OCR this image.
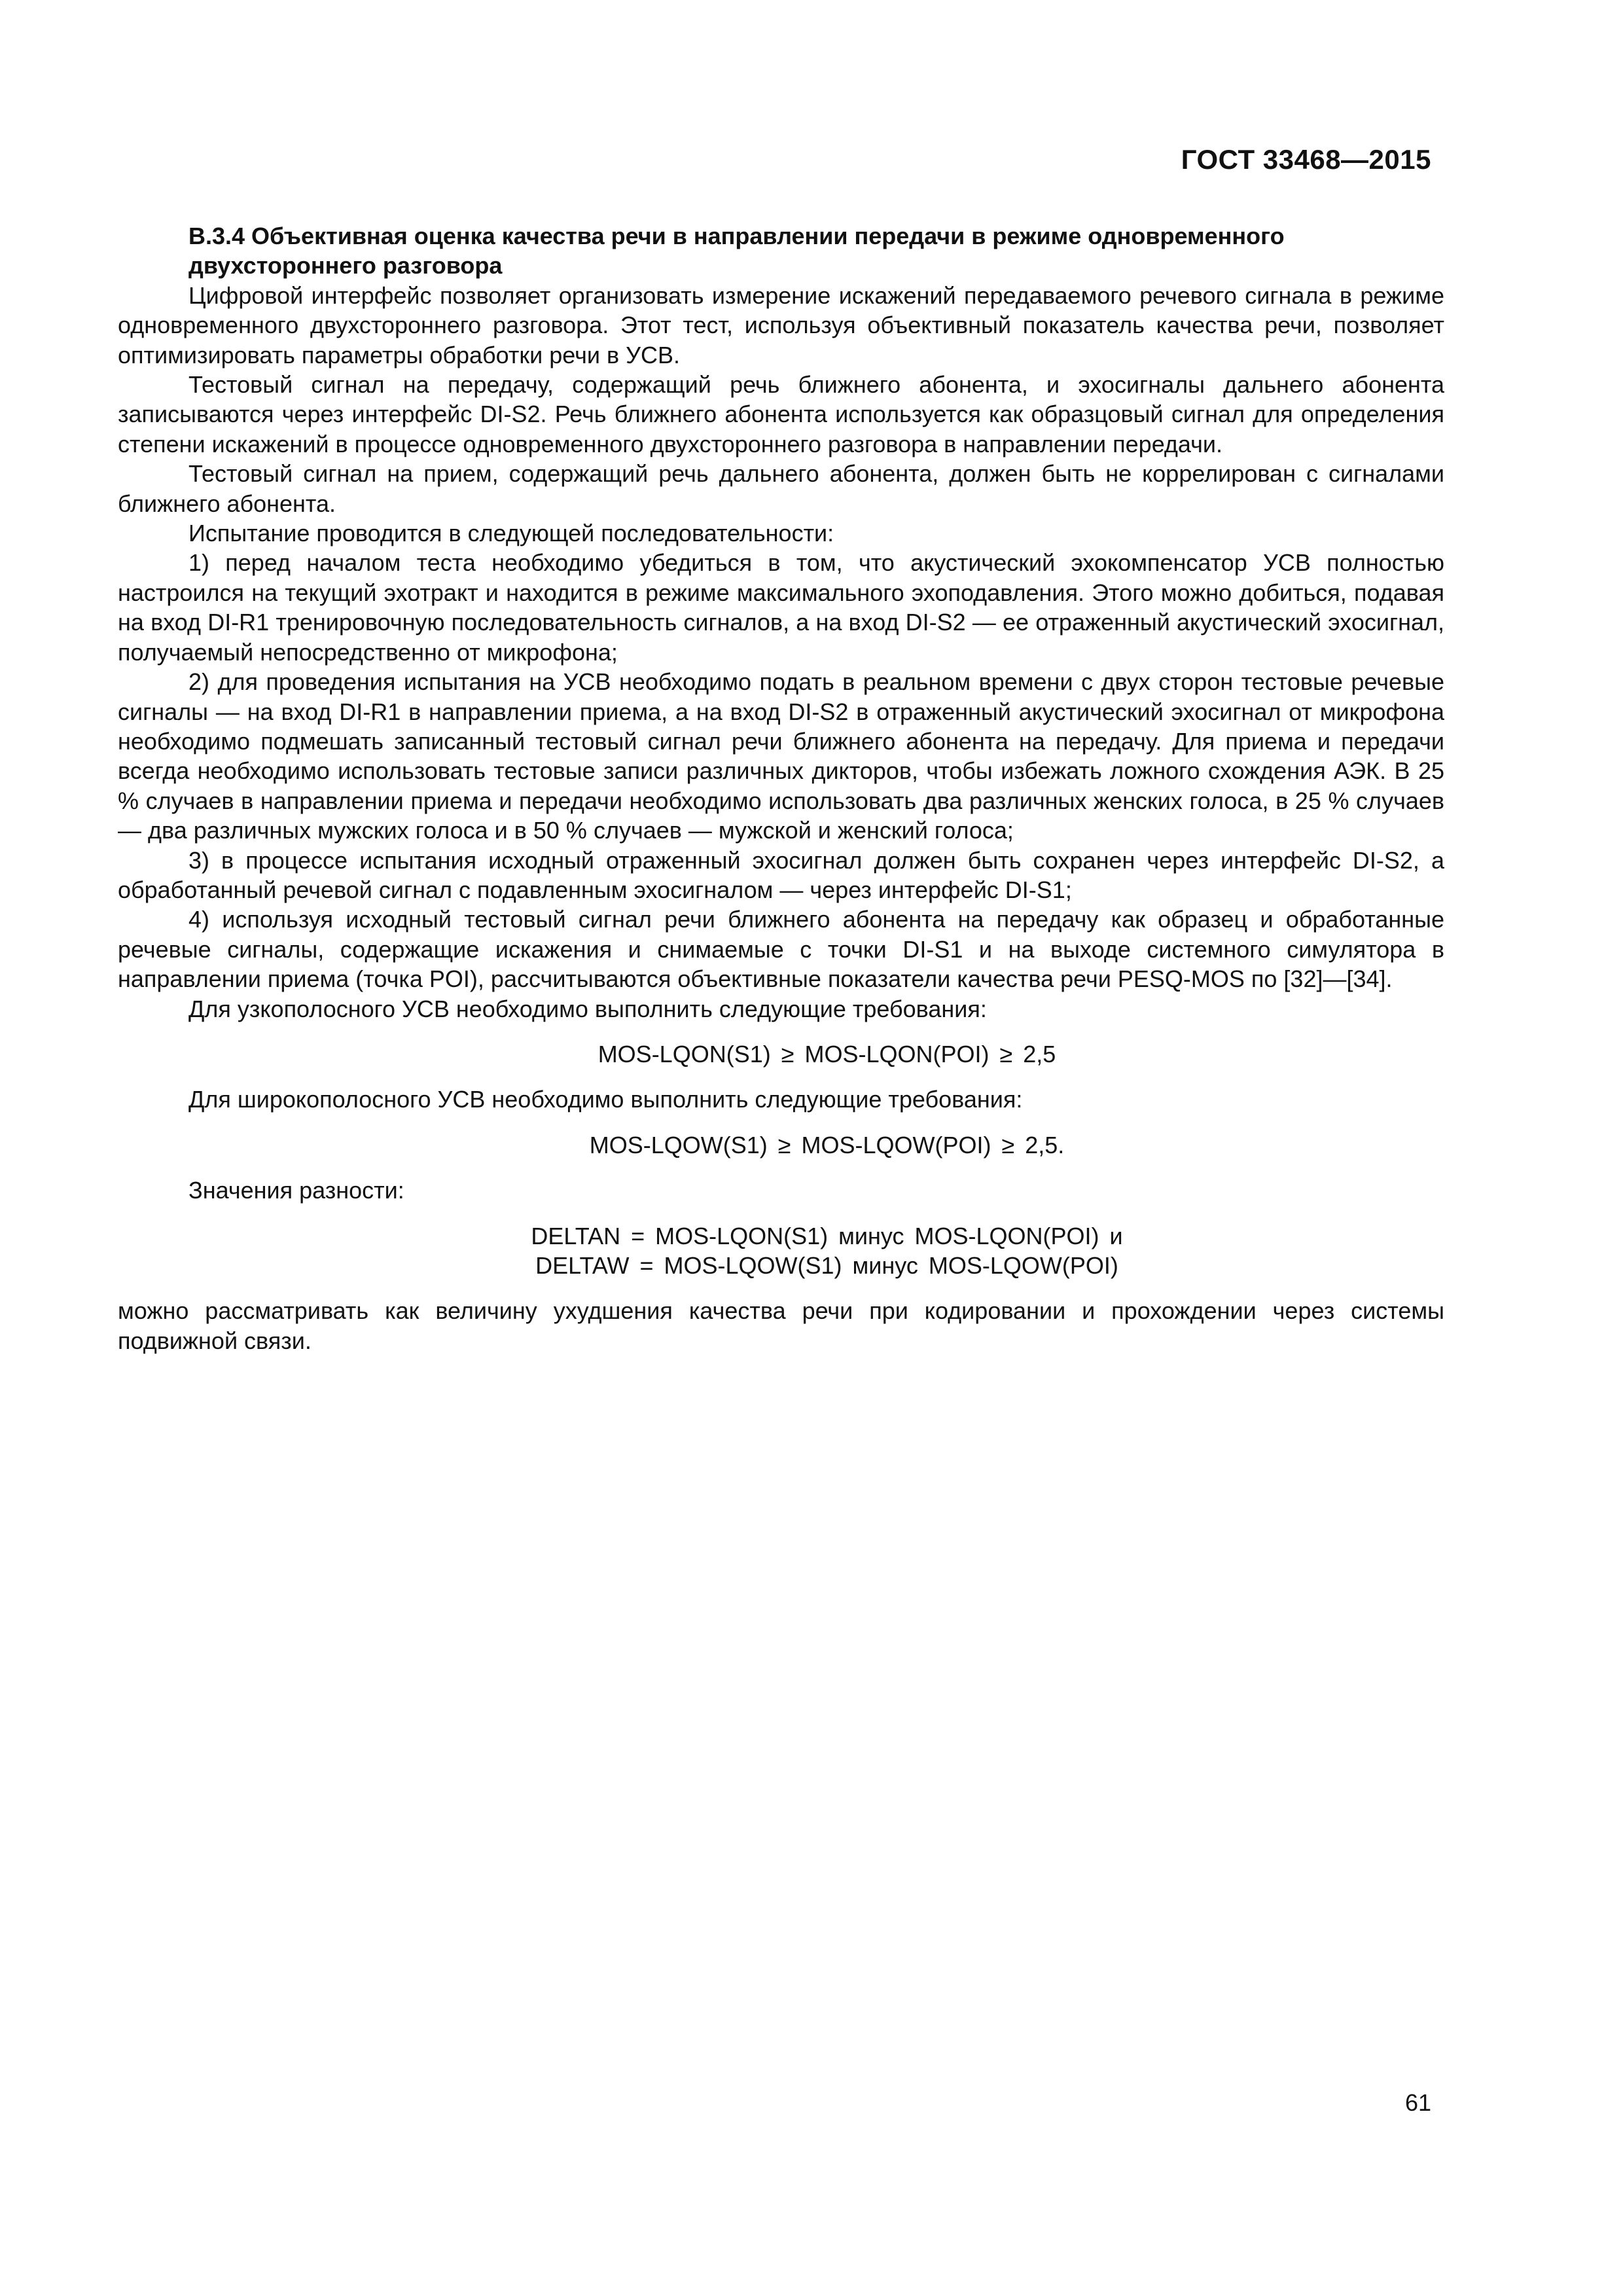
ГОСТ 33468—2015

В.3.4 Объективная оценка качества речи в направлении передачи в режиме одновременного двухстороннего разговора

Цифровой интерфейс позволяет организовать измерение искажений передаваемого речевого сигнала в режиме одновременного двухстороннего разговора. Этот тест, используя объективный показатель качества речи, позволяет оптимизировать параметры обработки речи в УСВ.

Тестовый сигнал на передачу, содержащий речь ближнего абонента, и эхосигналы дальнего абонента записываются через интерфейс DI-S2. Речь ближнего абонента используется как образцовый сигнал для определения степени искажений в процессе одновременного двухстороннего разговора в направлении передачи.

Тестовый сигнал на прием, содержащий речь дальнего абонента, должен быть не коррелирован с сигналами ближнего абонента.

Испытание проводится в следующей последовательности:

1) перед началом теста необходимо убедиться в том, что акустический эхокомпенсатор УСВ полностью настроился на текущий эхотракт и находится в режиме максимального эхоподавления. Этого можно добиться, подавая на вход DI-R1 тренировочную последовательность сигналов, а на вход DI-S2 — ее отраженный акустический эхосигнал, получаемый непосредственно от микрофона;

2) для проведения испытания на УСВ необходимо подать в реальном времени с двух сторон тестовые речевые сигналы — на вход DI-R1 в направлении приема, а на вход DI-S2 в отраженный акустический эхосигнал от микрофона необходимо подмешать записанный тестовый сигнал речи ближнего абонента на передачу. Для приема и передачи всегда необходимо использовать тестовые записи различных дикторов, чтобы избежать ложного схождения АЭК. В 25 % случаев в направлении приема и передачи необходимо использовать два различных женских голоса, в 25 % случаев — два различных мужских голоса и в 50 % случаев — мужской и женский голоса;

3) в процессе испытания исходный отраженный эхосигнал должен быть сохранен через интерфейс DI-S2, а обработанный речевой сигнал с подавленным эхосигналом — через интерфейс DI-S1;

4) используя исходный тестовый сигнал речи ближнего абонента на передачу как образец и обработанные речевые сигналы, содержащие искажения и снимаемые с точки DI-S1 и на выходе системного симулятора в направлении приема (точка POI), рассчитываются объективные показатели качества речи PESQ-MOS по [32]—[34].

Для узкополосного УСВ необходимо выполнить следующие требования:

MOS-LQON(S1) ≥ MOS-LQON(POI) ≥ 2,5

Для широкополосного УСВ необходимо выполнить следующие требования:

MOS-LQOW(S1) ≥ MOS-LQOW(POI) ≥ 2,5.

Значения разности:

DELTAN = MOS-LQON(S1) минус MOS-LQON(POI) и

DELTAW = MOS-LQOW(S1) минус MOS-LQOW(POI)

можно рассматривать как величину ухудшения качества речи при кодировании и прохождении через системы подвижной связи.

61
